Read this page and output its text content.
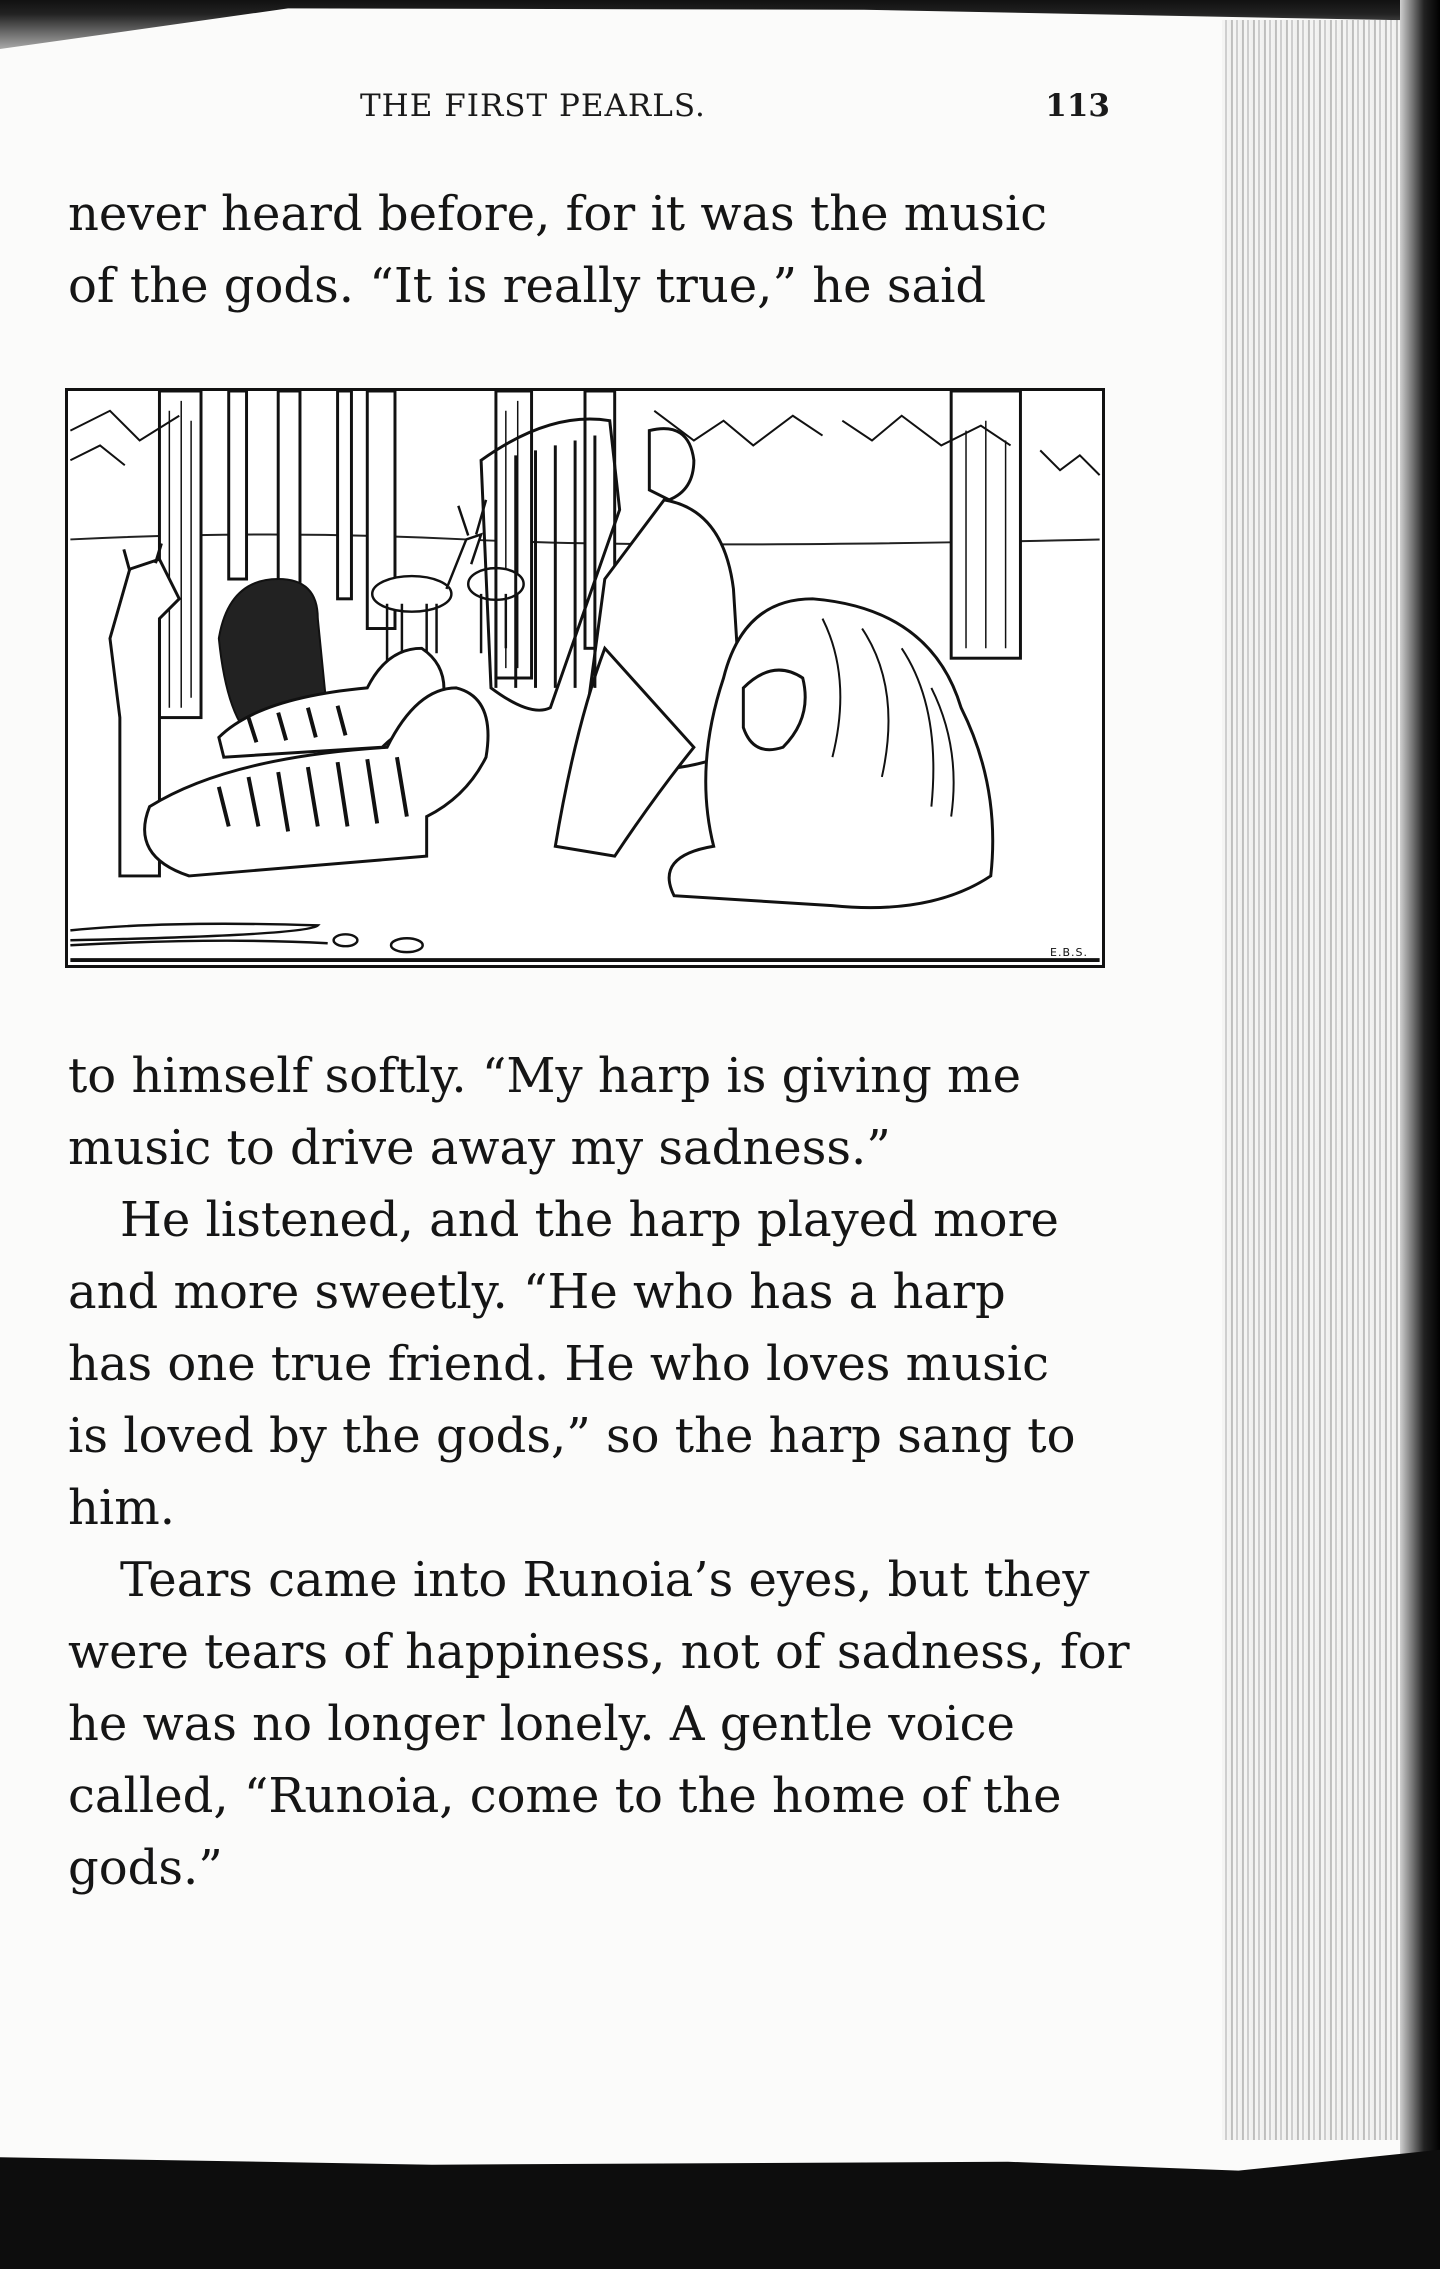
THE FIRST PEARLS.	113
never heard before, for it was the music
of the gods. “It is really true,” he said
E.B.S.
to himself softly. “My harp is giving me
music to drive away my sadness.”
He listened, and the harp played more
and more sweetly. “He who has a harp
has one true friend. He who loves music
is loved by the gods,” so the harp sang to
him.
Tears came into Runoia’s eyes, but they
were tears of happiness, not of sadness, for
he was no longer lonely. A gentle voice
called, “Runoia, come to the home of the
gods.”
